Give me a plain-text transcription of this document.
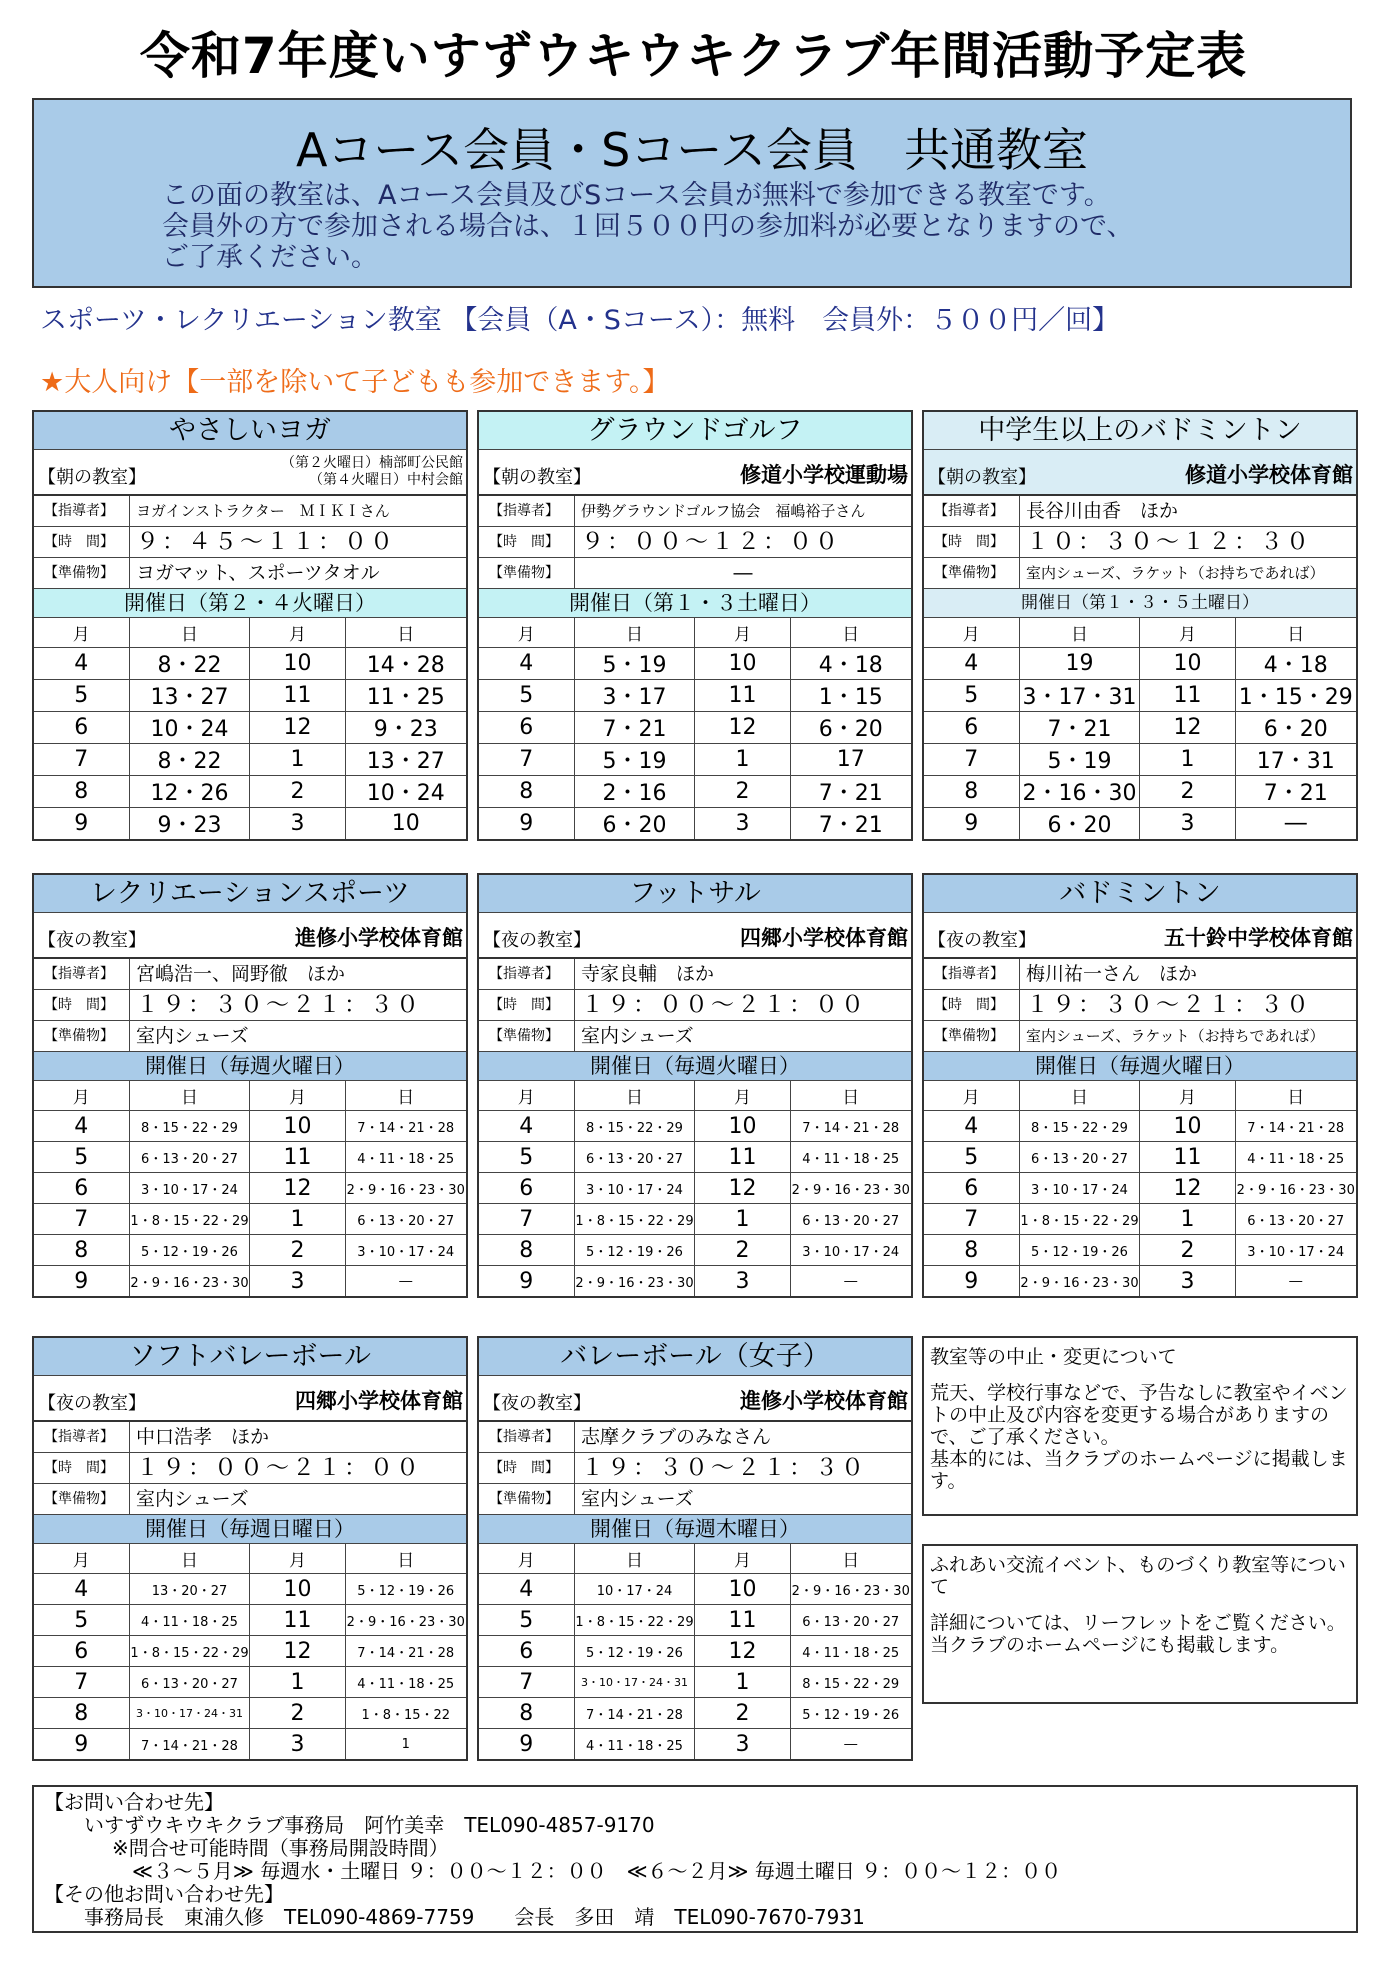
令和7年度いすずウキウキクラブ年間活動予定表
Aコース会員・Sコース会員　共通教室
この面の教室は、Aコース会員及びSコース会員が無料で参加できる教室です。
会員外の方で参加される場合は、１回５００円の参加料が必要となりますので、
ご了承ください。
スポーツ・レクリエーション教室 【会員（A・Sコース）：無料　会員外：５００円／回】
★大人向け【一部を除いて子どもも参加できます。】
やさしいヨガ
【朝の教室】
（第２火曜日）楠部町公民館
（第４火曜日）中村会館
【指導者】	ヨガインストラクター　ＭＩＫＩさん
【時　間】 ９：４５～１１：００
【準備物】	ヨガマット、スポーツタオル
開催日（第２・４火曜日）
月	日	月	日
4	8・22	10	14・28
5	13・27	11	11・25
6	10・24	12	9・23
7	8・22	1	13・27
8	12・26	2	10・24
9	9・23	3	10
グラウンドゴルフ
【朝の教室】	修道小学校運動場
【指導者】	伊勢グラウンドゴルフ協会　福嶋裕子さん
【時　間】 ９：００～１２：００
【準備物】	―
開催日（第１・３土曜日）
月	日	月	日
4	5・19	10	4・18
5	3・17	11	1・15
6	7・21	12	6・20
7	5・19	1	17
8	2・16	2	7・21
9	6・20	3	7・21
中学生以上のバドミントン
【朝の教室】	修道小学校体育館
【指導者】	長谷川由香　ほか
【時　間】 １０：３０～１２：３０
【準備物】	室内シューズ、ラケット（お持ちであれば）
開催日（第１・３・５土曜日）
月	日	月	日
4	19	10	4・18
5	3・17・31	11	1・15・29
6	7・21	12	6・20
7	5・19	1	17・31
8	2・16・30	2	7・21
9	6・20	3	―
レクリエーションスポーツ
【夜の教室】	進修小学校体育館
【指導者】	宮嶋浩一、岡野徹　ほか
【時　間】 １９：３０～２１：３０
【準備物】	室内シューズ
開催日（毎週火曜日）
月	日	月	日
4	8・15・22・29	10	7・14・21・28
5	6・13・20・27	11	4・11・18・25
6	3・10・17・24	12	2・9・16・23・30
7	1・8・15・22・29	1	6・13・20・27
8	5・12・19・26	2	3・10・17・24
9	2・9・16・23・30	3	―
フットサル
【夜の教室】	四郷小学校体育館
【指導者】	寺家良輔　ほか
【時　間】 １９：００～２１：００
【準備物】	室内シューズ
開催日（毎週火曜日）
月	日	月	日
4	8・15・22・29	10	7・14・21・28
5	6・13・20・27	11	4・11・18・25
6	3・10・17・24	12	2・9・16・23・30
7	1・8・15・22・29	1	6・13・20・27
8	5・12・19・26	2	3・10・17・24
9	2・9・16・23・30	3	―
バドミントン
【夜の教室】	五十鈴中学校体育館
【指導者】	梅川祐一さん　ほか
【時　間】 １９：３０～２１：３０
【準備物】	室内シューズ、ラケット（お持ちであれば）
開催日（毎週火曜日）
月	日	月	日
4	8・15・22・29	10	7・14・21・28
5	6・13・20・27	11	4・11・18・25
6	3・10・17・24	12	2・9・16・23・30
7	1・8・15・22・29	1	6・13・20・27
8	5・12・19・26	2	3・10・17・24
9	2・9・16・23・30	3	―
ソフトバレーボール
【夜の教室】	四郷小学校体育館
【指導者】	中口浩孝　ほか
【時　間】 １９：００～２１：００
【準備物】	室内シューズ
開催日（毎週日曜日）
月	日	月	日
4	13・20・27	10	5・12・19・26
5	4・11・18・25	11	2・9・16・23・30
6	1・8・15・22・29	12	7・14・21・28
7	6・13・20・27	1	4・11・18・25
8	3・10・17・24・31	2	1・8・15・22
9	7・14・21・28	3	1
バレーボール（女子）
【夜の教室】	進修小学校体育館
【指導者】	志摩クラブのみなさん
【時　間】 １９：３０～２１：３０
【準備物】	室内シューズ
開催日（毎週木曜日）
月	日	月	日
4	10・17・24	10	2・9・16・23・30
5	1・8・15・22・29	11	6・13・20・27
6	5・12・19・26	12	4・11・18・25
7	3・10・17・24・31	1	8・15・22・29
8	7・14・21・28	2	5・12・19・26
9	4・11・18・25	3	―

教室等の中止・変更について

荒天、学校行事などで、予告なしに教室やイベントの中止及び内容を変更する場合がありますので、ご了承ください。
基本的には、当クラブのホームページに掲載します。

ふれあい交流イベント、ものづくり教室等について

詳細については、リーフレットをご覧ください。
当クラブのホームページにも掲載します。

【お問い合わせ先】
いすずウキウキクラブ事務局　阿竹美幸　TEL090-4857-9170
※問合せ可能時間（事務局開設時間）
≪３～５月≫ 毎週水・土曜日 ９：００～１２：００　≪６～２月≫ 毎週土曜日 ９：００～１２：００
【その他お問い合わせ先】
事務局長　東浦久修　TEL090-4869-7759　　会長　多田　靖　TEL090-7670-7931
